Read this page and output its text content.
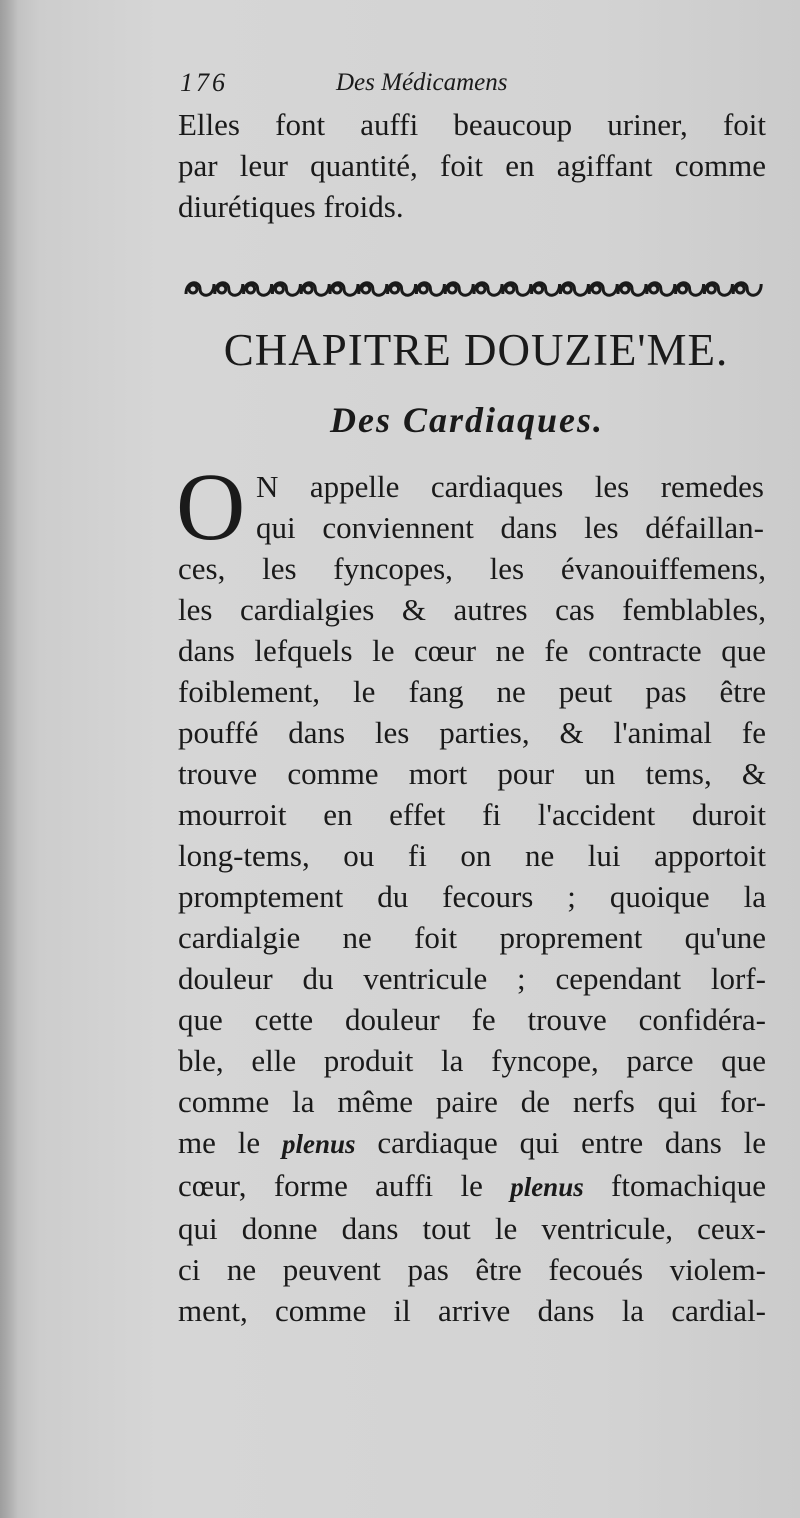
176	Des Médicamens
Elles font auffi beaucoup uriner, foit
par leur quantité, foit en agiffant comme
diurétiques froids.
CHAPITRE DOUZIE'ME.
Des Cardiaques.
O N appelle cardiaques les remedes
qui conviennent dans les défaillan-
ces, les fyncopes, les évanouiffemens,
les cardialgies & autres cas femblables,
dans lefquels le cœur ne fe contracte que
foiblement, le fang ne peut pas être
pouffé dans les parties, & l'animal fe
trouve comme mort pour un tems, &
mourroit en effet fi l'accident duroit
long-tems, ou fi on ne lui apportoit
promptement du fecours ; quoique la
cardialgie ne foit proprement qu'une
douleur du ventricule ; cependant lorf-
que cette douleur fe trouve confidéra-
ble, elle produit la fyncope, parce que
comme la même paire de nerfs qui for-
me le plenus cardiaque qui entre dans le
cœur, forme auffi le plenus ftomachique
qui donne dans tout le ventricule, ceux-
ci ne peuvent pas être fecoués violem-
ment, comme il arrive dans la cardial-
